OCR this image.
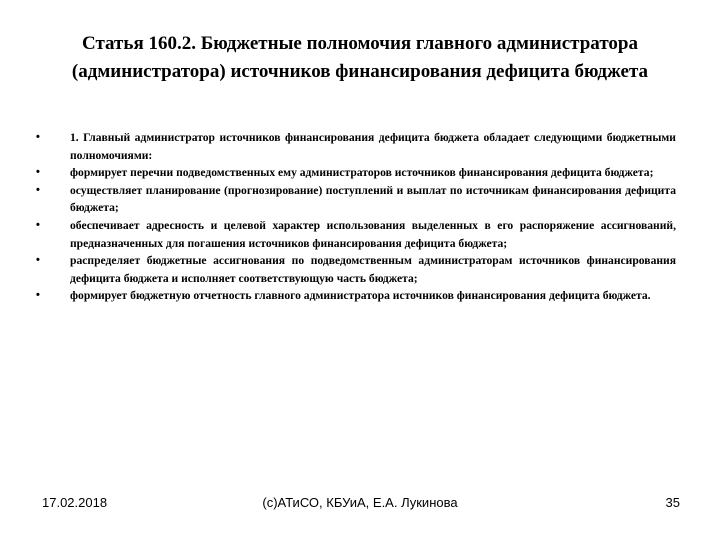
Статья 160.2. Бюджетные полномочия главного администратора
(администратора) источников финансирования дефицита бюджета
•	1. Главный администратор источников финансирования дефицита бюджета обладает следующими бюджетными полномочиями:
•	формирует перечни подведомственных ему администраторов источников финансирования дефицита бюджета;
•	осуществляет планирование (прогнозирование) поступлений и выплат по источникам финансирования дефицита бюджета;
•	обеспечивает адресность и целевой характер использования выделенных в его распоряжение ассигнований, предназначенных для погашения источников финансирования дефицита бюджета;
•	распределяет бюджетные ассигнования по подведомственным администраторам источников финансирования дефицита бюджета и исполняет соответствующую часть бюджета;
•	формирует бюджетную отчетность главного администратора источников финансирования дефицита бюджета.
17.02.2018	(с)АТиСО, КБУиА, Е.А. Лукинова	35
